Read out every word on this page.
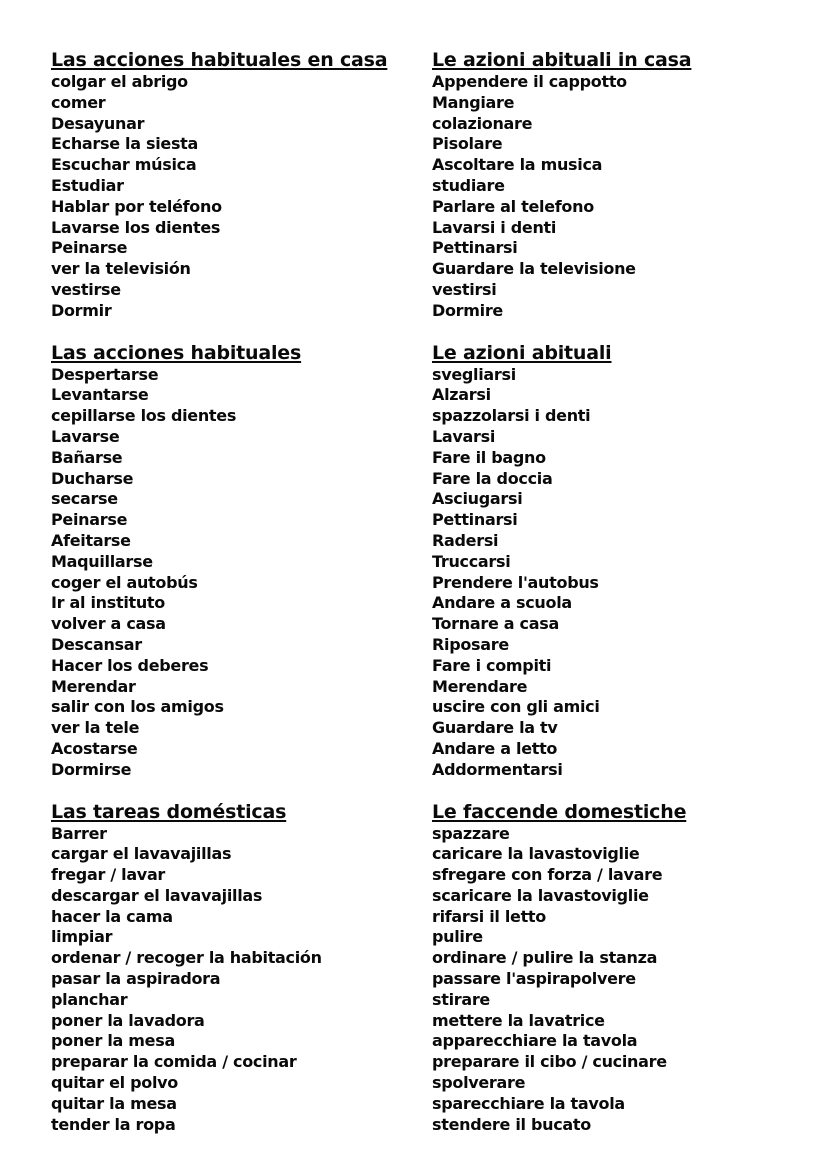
Las acciones habituales en casa
colgar el abrigo
comer
Desayunar
Echarse la siesta
Escuchar música
Estudiar
Hablar por teléfono
Lavarse los dientes
Peinarse
ver la televisión
vestirse
Dormir
Las acciones habituales
Despertarse
Levantarse
cepillarse los dientes
Lavarse
Bañarse
Ducharse
secarse
Peinarse
Afeitarse
Maquillarse
coger el autobús
Ir al instituto
volver a casa
Descansar
Hacer los deberes
Merendar
salir con los amigos
ver la tele
Acostarse
Dormirse
Las tareas domésticas
Barrer
cargar el lavavajillas
fregar / lavar
descargar el lavavajillas
hacer la cama
limpiar
ordenar / recoger la habitación
pasar la aspiradora
planchar
poner la lavadora
poner la mesa
preparar la comida / cocinar
quitar el polvo
quitar la mesa
tender la ropa
Le azioni abituali in casa
Appendere il cappotto
Mangiare
colazionare
Pisolare
Ascoltare la musica
studiare
Parlare al telefono
Lavarsi i denti
Pettinarsi
Guardare la televisione
vestirsi
Dormire
Le azioni abituali
svegliarsi
Alzarsi
spazzolarsi i denti
Lavarsi
Fare il bagno
Fare la doccia
Asciugarsi
Pettinarsi
Radersi
Truccarsi
Prendere l'autobus
Andare a scuola
Tornare a casa
Riposare
Fare i compiti
Merendare
uscire con gli amici
Guardare la tv
Andare a letto
Addormentarsi
Le faccende domestiche
spazzare
caricare la lavastoviglie
sfregare con forza / lavare
scaricare la lavastoviglie
rifarsi il letto
pulire
ordinare / pulire la stanza
passare l'aspirapolvere
stirare
mettere la lavatrice
apparecchiare la tavola
preparare il cibo / cucinare
spolverare
sparecchiare la tavola
stendere il bucato
